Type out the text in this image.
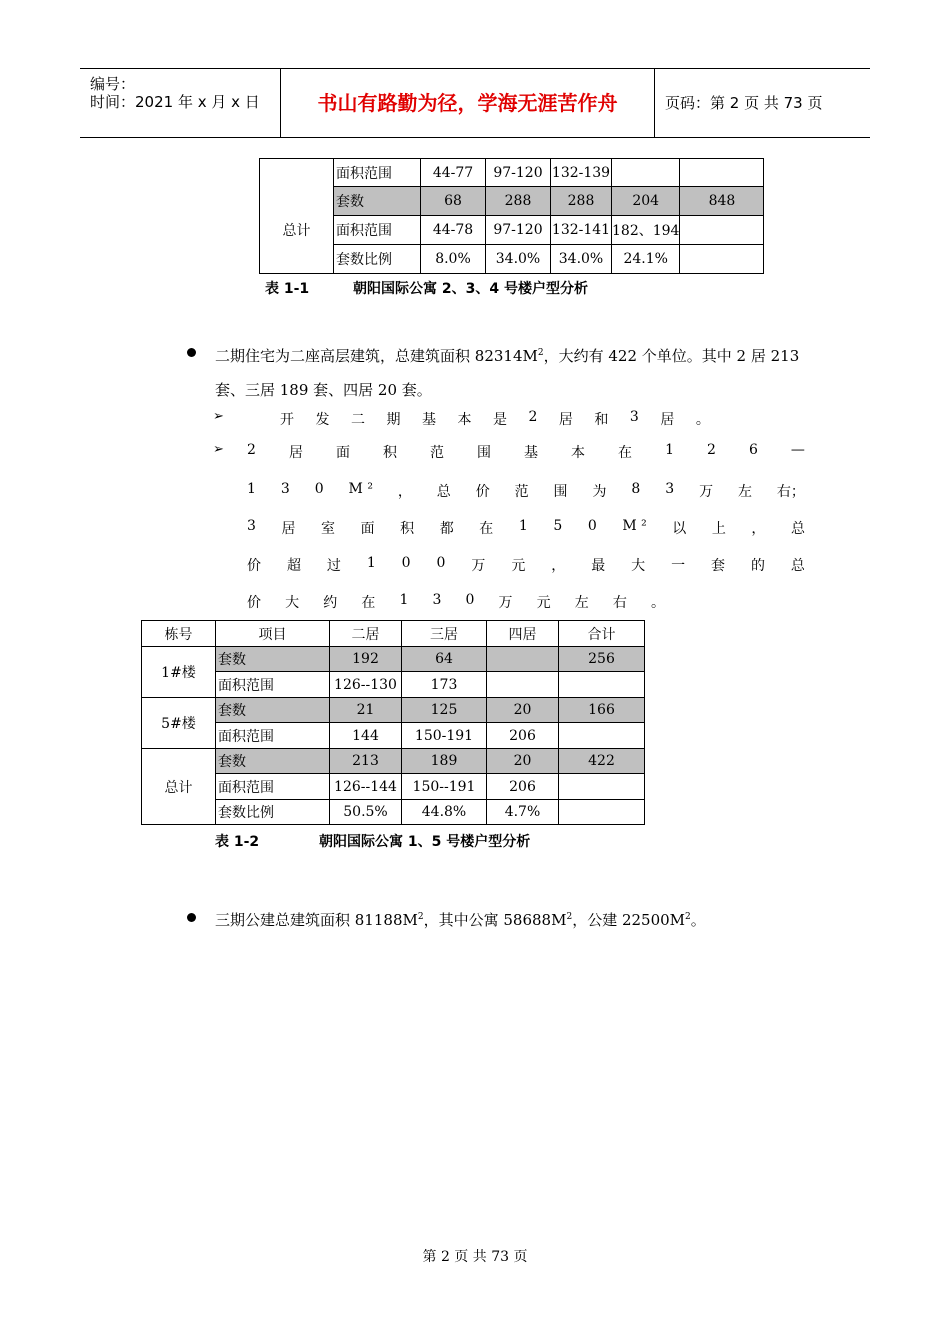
编号：
时间：2021 年 x 月 x 日	书山有路勤为径，学海无涯苦作舟	页码：第 2 页 共 73 页
	面积范围	44-77	97-120	132-139		
总计	套数	68	288	288	204	848
	面积范围	44-78	97-120	132-141	182、194	
	套数比例	8.0%	34.0%	34.0%	24.1%	
表 1-1	朝阳国际公寓 2、3、4 号楼户型分析
二期住宅为二座高层建筑，总建筑面积 $82314M^2$，大约有 422 个单位。其中 2 居 213
套、三居 189 套、四居 20 套。
➢	开 发 二 期 基 本 是 2 居 和 3 居 。
➢ 2 居 面 积 范 围 基 本 在 1 2 6 —
1 3 0 M ² ， 总 价 范 围 为 8 3 万 左 右；
3 居 室 面 积 都 在 1 5 0 M ² 以 上 ， 总
价 超 过 1 0 0 万 元 ， 最 大 一 套 的 总
价 大 约 在 1 3 0 万 元 左 右 。
栋号	项目	二居	三居	四居	合计
1#楼	套数	192	64		256
	面积范围	126--130	173		
5#楼	套数	21	125	20	166
	面积范围	144	150-191	206	
总计	套数	213	189	20	422
	面积范围	126--144	150--191	206	
	套数比例	50.5%	44.8%	4.7%	
表 1-2	朝阳国际公寓 1、5 号楼户型分析
三期公建总建筑面积 $81188M^2$，其中公寓 $58688M^2$，公建 $22500M^2$。
第 2 页 共 73 页
